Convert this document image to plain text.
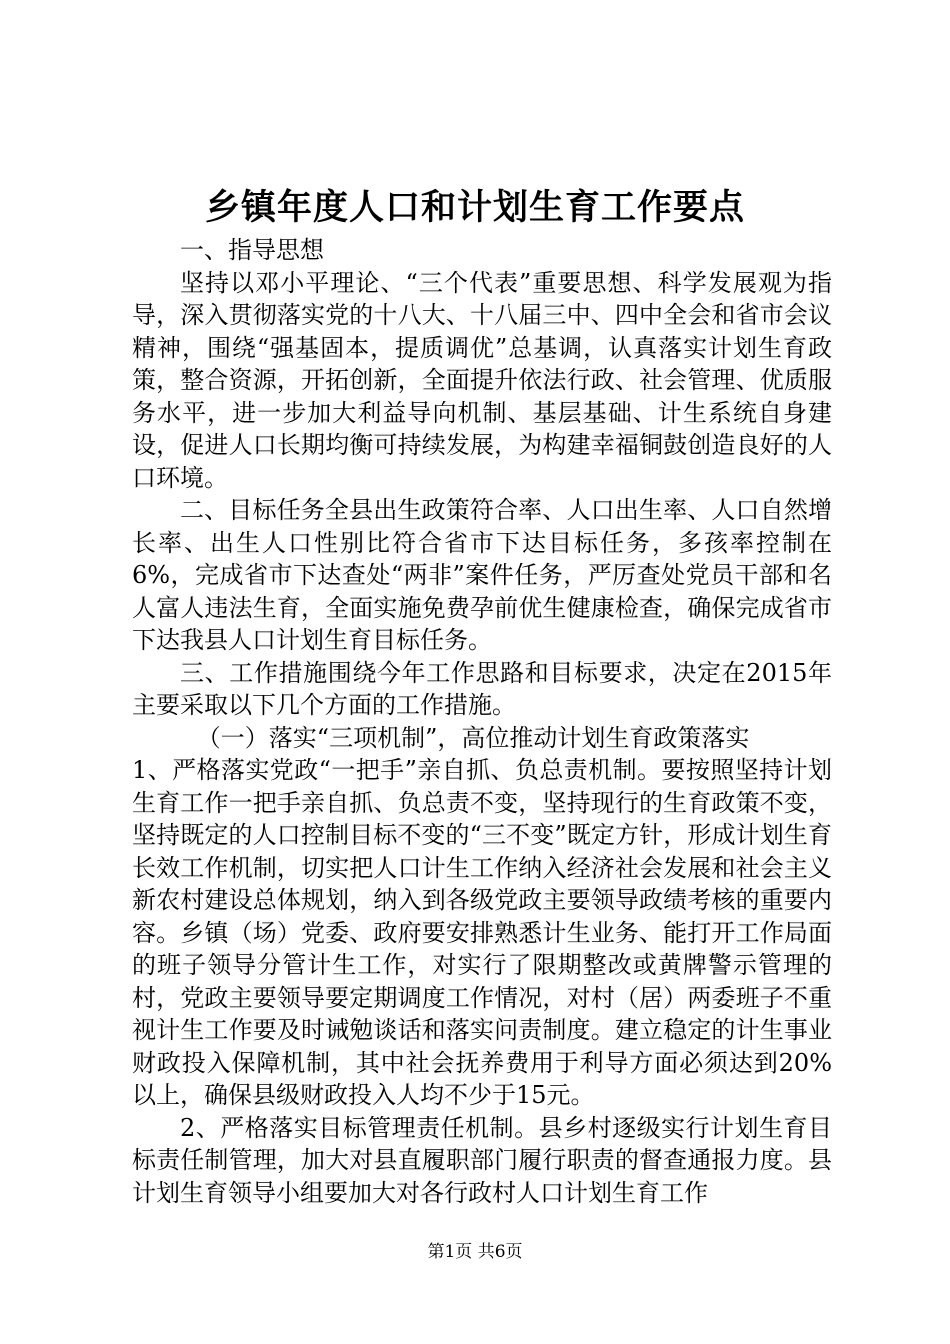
乡镇年度人口和计划生育工作要点

一、指导思想

坚持以邓小平理论、“三个代表”重要思想、科学发展观为指导，深入贯彻落实党的十八大、十八届三中、四中全会和省市会议精神，围绕“强基固本，提质调优”总基调，认真落实计划生育政策，整合资源，开拓创新，全面提升依法行政、社会管理、优质服务水平，进一步加大利益导向机制、基层基础、计生系统自身建设，促进人口长期均衡可持续发展，为构建幸福铜鼓创造良好的人口环境。

二、目标任务全县出生政策符合率、人口出生率、人口自然增长率、出生人口性别比符合省市下达目标任务，多孩率控制在6%，完成省市下达查处“两非”案件任务，严厉查处党员干部和名人富人违法生育，全面实施免费孕前优生健康检查，确保完成省市下达我县人口计划生育目标任务。

三、工作措施围绕今年工作思路和目标要求，决定在2015年主要采取以下几个方面的工作措施。

（一）落实“三项机制”，高位推动计划生育政策落实

1、严格落实党政“一把手”亲自抓、负总责机制。要按照坚持计划生育工作一把手亲自抓、负总责不变，坚持现行的生育政策不变，坚持既定的人口控制目标不变的“三不变”既定方针，形成计划生育长效工作机制，切实把人口计生工作纳入经济社会发展和社会主义新农村建设总体规划，纳入到各级党政主要领导政绩考核的重要内容。乡镇（场）党委、政府要安排熟悉计生业务、能打开工作局面的班子领导分管计生工作，对实行了限期整改或黄牌警示管理的村，党政主要领导要定期调度工作情况，对村（居）两委班子不重视计生工作要及时诫勉谈话和落实问责制度。建立稳定的计生事业财政投入保障机制，其中社会抚养费用于利导方面必须达到20%以上，确保县级财政投入人均不少于15元。

2、严格落实目标管理责任机制。县乡村逐级实行计划生育目标责任制管理，加大对县直履职部门履行职责的督查通报力度。县计划生育领导小组要加大对各行政村人口计划生育工作

第1页 共6页
